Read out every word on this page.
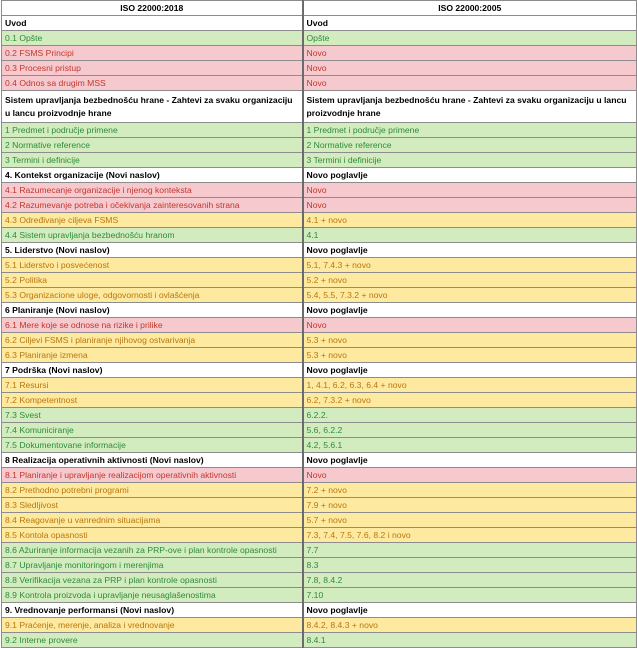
ISO 22000:2018	ISO 22000:2005
Uvod	Uvod
0.1 Opšte	Opšte
0.2 FSMS Principi	Novo
0.3 Procesni pristup	Novo
0.4 Odnos sa drugim MSS	Novo
Sistem upravljanja bezbednošću hrane - Zahtevi za svaku organizaciju u lancu proizvodnje hrane	Sistem upravljanja bezbednošću hrane - Zahtevi za svaku organizaciju u lancu proizvodnje hrane
1 Predmet i područje primene	1 Predmet i područje primene
2 Normative reference	2 Normative reference
3 Termini i definicije	3 Termini i definicije
4. Kontekst organizacije (Novi naslov)	Novo poglavlje
4.1 Razumecanje organizacije i njenog konteksta	Novo
4.2 Razumevanje potreba i očekivanja zainteresovanih strana	Novo
4.3 Određivanje ciljeva FSMS	4.1 + novo
4.4 Sistem upravljanja bezbednošću hranom	4.1
5. Liderstvo (Novi naslov)	Novo poglavlje
5.1 Liderstvo i posvećenost	5.1, 7.4.3 + novo
5.2 Politika	5.2 + novo
5.3 Organizacione uloge, odgovornosti i ovlašćenja	5.4, 5.5, 7.3.2 + novo
6 Planiranje (Novi naslov)	Novo poglavlje
6.1 Mere koje se odnose na rizike i prilike	Novo
6.2 Ciljevi FSMS i planiranje njihovog ostvarivanja	5.3 + novo
6.3 Planiranje izmena	5.3 + novo
7 Podrška (Novi naslov)	Novo poglavlje
7.1 Resursi	1, 4.1, 6.2, 6.3, 6.4 + novo
7.2 Kompetentnost	6.2, 7.3.2 + novo
7.3 Svest	6.2.2.
7.4 Komuniciranje	5.6, 6.2.2
7.5 Dokumentovane informacije	4.2, 5.6.1
8 Realizacija operativnih aktivnosti (Novi naslov)	Novo poglavlje
8.1 Planiranje i upravljanje realizacijom operativnih aktivnosti	Novo
8.2 Prethodno potrebni programi	7.2 + novo
8.3 Sledljivost	7.9 + novo
8.4 Reagovanje u vanrednim situacijama	5.7 + novo
8.5 Kontola opasnosti	7.3, 7.4, 7.5, 7.6, 8.2 i novo
8.6 Ažuriranje informacija vezanih za PRP-ove i plan kontrole opasnosti	7.7
8.7 Upravljanje monitoringom i merenjima	8.3
8.8 Verifikacija vezana za PRP i plan kontrole opasnosti	7.8, 8.4.2
8.9 Kontrola proizvoda i upravljanje neusaglašenostima	7.10
9. Vrednovanje performansi (Novi naslov)	Novo poglavlje
9.1 Praćenje, merenje, analiza i vrednovanje	8.4.2, 8.4.3 + novo
9.2 Interne provere	8.4.1
